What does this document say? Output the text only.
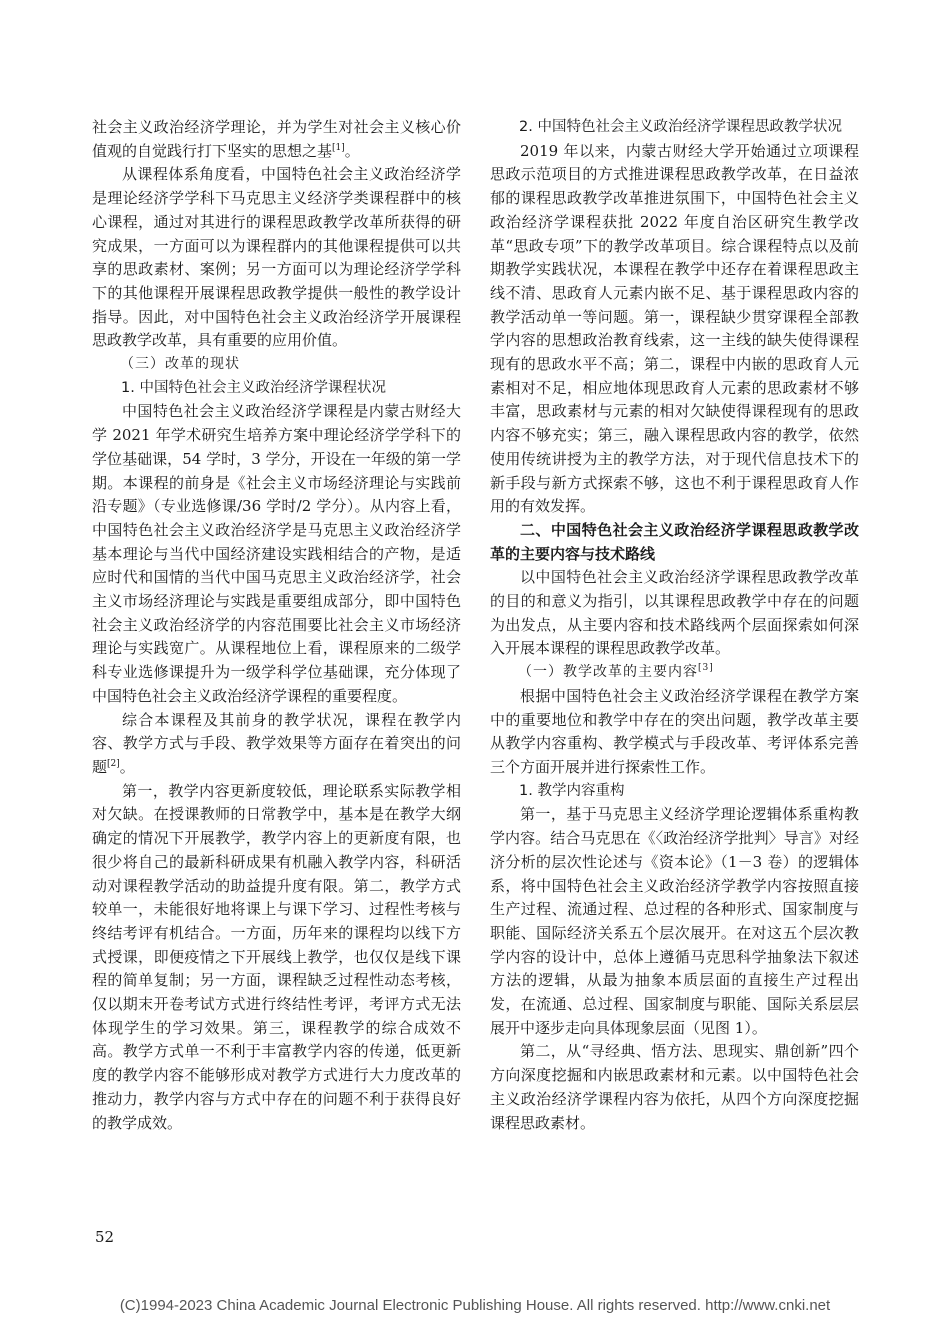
社会主义政治经济学理论，并为学生对社会主义核心价值观的自觉践行打下坚实的思想之基[1]。

从课程体系角度看，中国特色社会主义政治经济学是理论经济学学科下马克思主义经济学类课程群中的核心课程，通过对其进行的课程思政教学改革所获得的研究成果，一方面可以为课程群内的其他课程提供可以共享的思政素材、案例；另一方面可以为理论经济学学科下的其他课程开展课程思政教学提供一般性的教学设计指导。因此，对中国特色社会主义政治经济学开展课程思政教学改革，具有重要的应用价值。

（三）改革的现状

1. 中国特色社会主义政治经济学课程状况

中国特色社会主义政治经济学课程是内蒙古财经大学 2021 年学术研究生培养方案中理论经济学学科下的学位基础课，54 学时，3 学分，开设在一年级的第一学期。本课程的前身是《社会主义市场经济理论与实践前沿专题》（专业选修课/36 学时/2 学分）。从内容上看，中国特色社会主义政治经济学是马克思主义政治经济学基本理论与当代中国经济建设实践相结合的产物，是适应时代和国情的当代中国马克思主义政治经济学，社会主义市场经济理论与实践是重要组成部分，即中国特色社会主义政治经济学的内容范围要比社会主义市场经济理论与实践宽广。从课程地位上看，课程原来的二级学科专业选修课提升为一级学科学位基础课，充分体现了中国特色社会主义政治经济学课程的重要程度。

综合本课程及其前身的教学状况，课程在教学内容、教学方式与手段、教学效果等方面存在着突出的问题[2]。

第一，教学内容更新度较低，理论联系实际教学相对欠缺。在授课教师的日常教学中，基本是在教学大纲确定的情况下开展教学，教学内容上的更新度有限，也很少将自己的最新科研成果有机融入教学内容，科研活动对课程教学活动的助益提升度有限。第二，教学方式较单一，未能很好地将课上与课下学习、过程性考核与终结考评有机结合。一方面，历年来的课程均以线下方式授课，即便疫情之下开展线上教学，也仅仅是线下课程的简单复制；另一方面，课程缺乏过程性动态考核，仅以期末开卷考试方式进行终结性考评，考评方式无法体现学生的学习效果。第三，课程教学的综合成效不高。教学方式单一不利于丰富教学内容的传递，低更新度的教学内容不能够形成对教学方式进行大力度改革的推动力，教学内容与方式中存在的问题不利于获得良好的教学成效。

2. 中国特色社会主义政治经济学课程思政教学状况

2019 年以来，内蒙古财经大学开始通过立项课程思政示范项目的方式推进课程思政教学改革，在日益浓郁的课程思政教学改革推进氛围下，中国特色社会主义政治经济学课程获批 2022 年度自治区研究生教学改革“思政专项”下的教学改革项目。综合课程特点以及前期教学实践状况，本课程在教学中还存在着课程思政主线不清、思政育人元素内嵌不足、基于课程思政内容的教学活动单一等问题。第一，课程缺少贯穿课程全部教学内容的思想政治教育线索，这一主线的缺失使得课程现有的思政水平不高；第二，课程中内嵌的思政育人元素相对不足，相应地体现思政育人元素的思政素材不够丰富，思政素材与元素的相对欠缺使得课程现有的思政内容不够充实；第三，融入课程思政内容的教学，依然使用传统讲授为主的教学方法，对于现代信息技术下的新手段与新方式探索不够，这也不利于课程思政育人作用的有效发挥。

二、中国特色社会主义政治经济学课程思政教学改革的主要内容与技术路线

以中国特色社会主义政治经济学课程思政教学改革的目的和意义为指引，以其课程思政教学中存在的问题为出发点，从主要内容和技术路线两个层面探索如何深入开展本课程的课程思政教学改革。

（一）教学改革的主要内容[3]

根据中国特色社会主义政治经济学课程在教学方案中的重要地位和教学中存在的突出问题，教学改革主要从教学内容重构、教学模式与手段改革、考评体系完善三个方面开展并进行探索性工作。

1. 教学内容重构

第一，基于马克思主义经济学理论逻辑体系重构教学内容。结合马克思在《〈政治经济学批判〉导言》对经济分析的层次性论述与《资本论》（1－3 卷）的逻辑体系，将中国特色社会主义政治经济学教学内容按照直接生产过程、流通过程、总过程的各种形式、国家制度与职能、国际经济关系五个层次展开。在对这五个层次教学内容的设计中，总体上遵循马克思科学抽象法下叙述方法的逻辑，从最为抽象本质层面的直接生产过程出发，在流通、总过程、国家制度与职能、国际关系层层展开中逐步走向具体现象层面（见图 1）。

第二，从“寻经典、悟方法、思现实、鼎创新”四个方向深度挖掘和内嵌思政素材和元素。以中国特色社会主义政治经济学课程内容为依托，从四个方向深度挖掘课程思政素材。

52
(C)1994-2023 China Academic Journal Electronic Publishing House. All rights reserved. http://www.cnki.net
